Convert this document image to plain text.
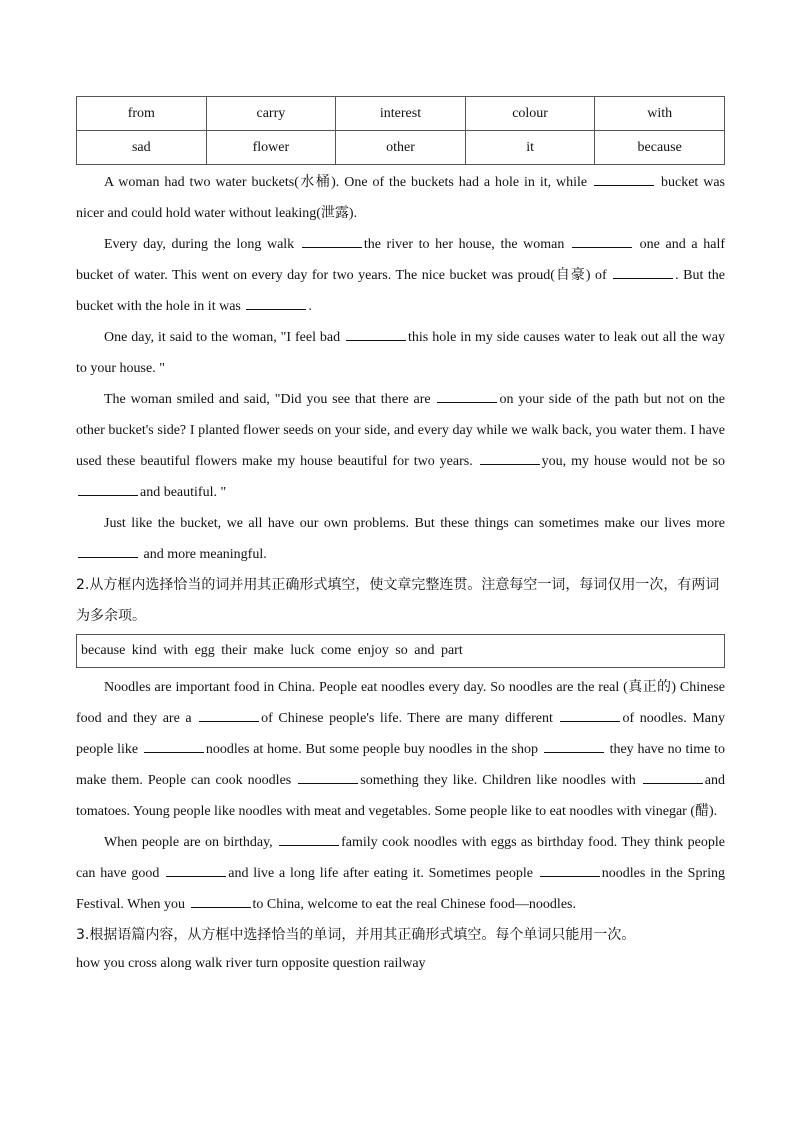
from	carry	interest	colour	with
sad	flower	other	it	because

A woman had two water buckets(水桶). One of the buckets had a hole in it, while	bucket was nicer and could hold water without leaking(泄露).

Every day, during the long walk	the river to her house, the woman	one and a half bucket of water. This went on every day for two years. The nice bucket was proud(自豪) of	. But the bucket with the hole in it was	.

One day, it said to the woman, "I feel bad	this hole in my side causes water to leak out all the way to your house. "

The woman smiled and said, "Did you see that there are	on your side of the path but not on the other bucket's side? I planted flower seeds on your side, and every day while we walk back, you water them. I have used these beautiful flowers make my house beautiful for two years.	you, my house would not be so and beautiful. "

Just like the bucket, we all have our own problems. But these things can sometimes make our lives more  and more meaningful.

2.从方框内选择恰当的词并用其正确形式填空，使文章完整连贯。注意每空一词，每词仅用一次，有两词为多余项。

because kind with egg their make luck come enjoy so and part

Noodles are important food in China. People eat noodles every day. So noodles are the real (真正的) Chinese food and they are a	of Chinese people's life. There are many different	of noodles. Many people like	noodles at home. But some people buy noodles in the shop	they have no time to make them. People can cook noodles	something they like. Children like noodles with	and tomatoes. Young people like noodles with meat and vegetables. Some people like to eat noodles with vinegar (醋).

When people are on birthday,	family cook noodles with eggs as birthday food. They think people can have good	and live a long life after eating it. Sometimes people	noodles in the Spring Festival. When you	to China, welcome to eat the real Chinese food—noodles.

3.根据语篇内容，从方框中选择恰当的单词，并用其正确形式填空。每个单词只能用一次。

how you cross along walk river turn opposite question railway
